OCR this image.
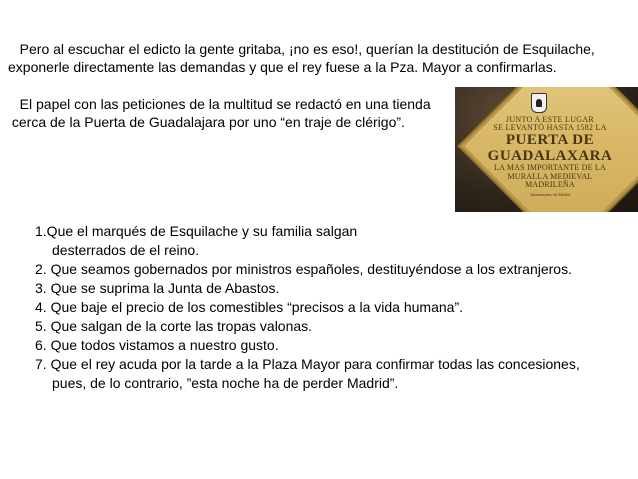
Pero al escuchar el edicto la gente gritaba, ¡no es eso!, querían la destitución de Esquilache,
exponerle directamente las demandas y que el rey fuese a la Pza. Mayor a confirmarlas.

El papel con las peticiones de la multitud se redactó en una tienda
cerca de la Puerta de Guadalajara por uno “en traje de clérigo”.	JUNTO A ESTE LUGAR
SE LEVANTÓ HASTA 1582 LA
PUERTA DE
GUADALAXARA
LA MAS IMPORTANTE DE LA
MURALLA MEDIEVAL
MADRILEÑA
Ayuntamiento de Madrid
1.Que el marqués de Esquilache y su familia salgan
desterrados de el reino.
2. Que seamos gobernados por ministros españoles, destituyéndose a los extranjeros.
3. Que se suprima la Junta de Abastos.
4. Que baje el precio de los comestibles “precisos a la vida humana”.
5. Que salgan de la corte las tropas valonas.
6. Que todos vistamos a nuestro gusto.
7. Que el rey acuda por la tarde a la Plaza Mayor para confirmar todas las concesiones,
pues, de lo contrario, ”esta noche ha de perder Madrid”.
